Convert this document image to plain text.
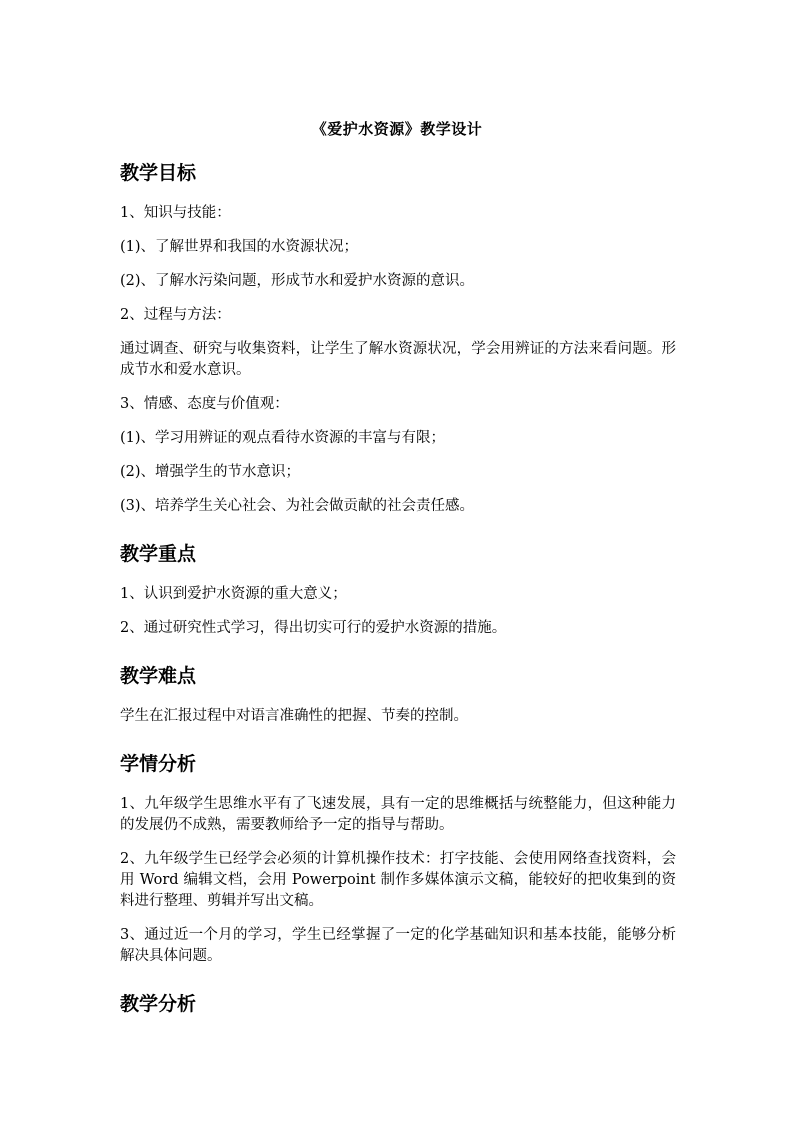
《爱护水资源》教学设计
教学目标
1、知识与技能：
(1)、了解世界和我国的水资源状况；
(2)、了解水污染问题，形成节水和爱护水资源的意识。
2、过程与方法：
通过调查、研究与收集资料，让学生了解水资源状况，学会用辨证的方法来看问题。形成节水和爱水意识。
3、情感、态度与价值观：
(1)、学习用辨证的观点看待水资源的丰富与有限；
(2)、增强学生的节水意识；
(3)、培养学生关心社会、为社会做贡献的社会责任感。
教学重点
1、认识到爱护水资源的重大意义；
2、通过研究性式学习，得出切实可行的爱护水资源的措施。
教学难点
学生在汇报过程中对语言准确性的把握、节奏的控制。
学情分析
1、九年级学生思维水平有了飞速发展，具有一定的思维概括与统整能力，但这种能力的发展仍不成熟，需要教师给予一定的指导与帮助。
2、九年级学生已经学会必须的计算机操作技术：打字技能、会使用网络查找资料，会用 Word 编辑文档，会用 Powerpoint 制作多媒体演示文稿，能较好的把收集到的资料进行整理、剪辑并写出文稿。
3、通过近一个月的学习，学生已经掌握了一定的化学基础知识和基本技能，能够分析解决具体问题。
教学分析
